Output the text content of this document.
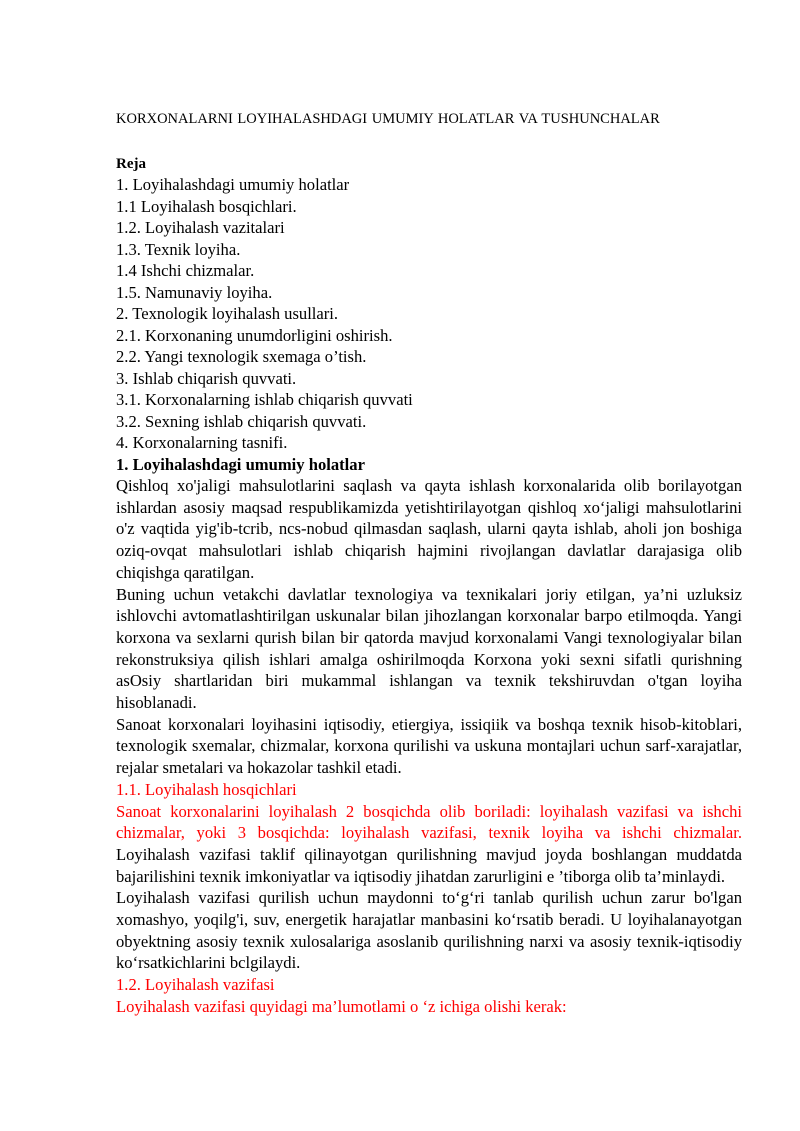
KORXONALARNI LOYIHALASHDAGI UMUMIY HOLATLAR VA TUSHUNCHALAR

Reja

1. Loyihalashdagi umumiy holatlar
1.1 Loyihalash bosqichlari.
1.2. Loyihalash vazitalari
1.3. Texnik loyiha.
1.4 Ishchi chizmalar.
1.5. Namunaviy loyiha.
2. Texnologik loyihalash usullari.
2.1. Korxonaning unumdorligini oshirish.
2.2. Yangi texnologik sxemaga o’tish.
3. Ishlab chiqarish quvvati.
3.1. Korxonalarning ishlab chiqarish quvvati
3.2. Sexning ishlab chiqarish quvvati.
4. Korxonalarning tasnifi.

1. Loyihalashdagi umumiy holatlar

Qishloq xo'jaligi mahsulotlarini saqlash va qayta ishlash korxonalarida olib borilayotgan ishlardan asosiy maqsad respublikamizda yetishtirilayotgan qishloq xo‘jaligi mahsulotlarini o'z vaqtida yig'ib-tcrib, ncs-nobud qilmasdan saqlash, ularni qayta ishlab, aholi jon boshiga oziq-ovqat mahsulotlari ishlab chiqarish hajmini rivojlangan davlatlar darajasiga olib chiqishga qaratilgan.

Buning uchun vetakchi davlatlar texnologiya va texnikalari joriy etilgan, ya’ni uzluksiz ishlovchi avtomatlashtirilgan uskunalar bilan jihozlangan korxonalar barpo etilmoqda. Yangi korxona va sexlarni qurish bilan bir qatorda mavjud korxonalami Vangi texnologiyalar bilan rekonstruksiya qilish ishlari amalga oshirilmoqda Korxona yoki sexni sifatli qurishning asOsiy shartlaridan biri mukammal ishlangan va texnik tekshiruvdan o'tgan loyiha hisoblanadi.

Sanoat korxonalari loyihasini iqtisodiy, etiergiya, issiqiik va boshqa texnik hisob-kitoblari, texnologik sxemalar, chizmalar, korxona qurilishi va uskuna montajlari uchun sarf-xarajatlar, rejalar smetalari va hokazolar tashkil etadi.

1.1. Loyihalash hosqichlari

Sanoat korxonalarini loyihalash 2 bosqichda olib boriladi: loyihalash vazifasi va ishchi chizmalar, yoki 3 bosqichda: loyihalash vazifasi, texnik loyiha va ishchi chizmalar. Loyihalash vazifasi taklif qilinayotgan qurilishning mavjud joyda boshlangan muddatda bajarilishini texnik imkoniyatlar va iqtisodiy jihatdan zarurligini e ’tiborga olib ta’minlaydi.

Loyihalash vazifasi qurilish uchun maydonni to‘g‘ri tanlab qurilish uchun zarur bo'lgan xomashyo, yoqilg'i, suv, energetik harajatlar manbasini ko‘rsatib beradi. U loyihalanayotgan obyektning asosiy texnik xulosalariga asoslanib qurilishning narxi va asosiy texnik-iqtisodiy ko‘rsatkichlarini bclgilaydi.

1.2. Loyihalash vazifasi

Loyihalash vazifasi quyidagi ma’lumotlami o ‘z ichiga olishi kerak:
